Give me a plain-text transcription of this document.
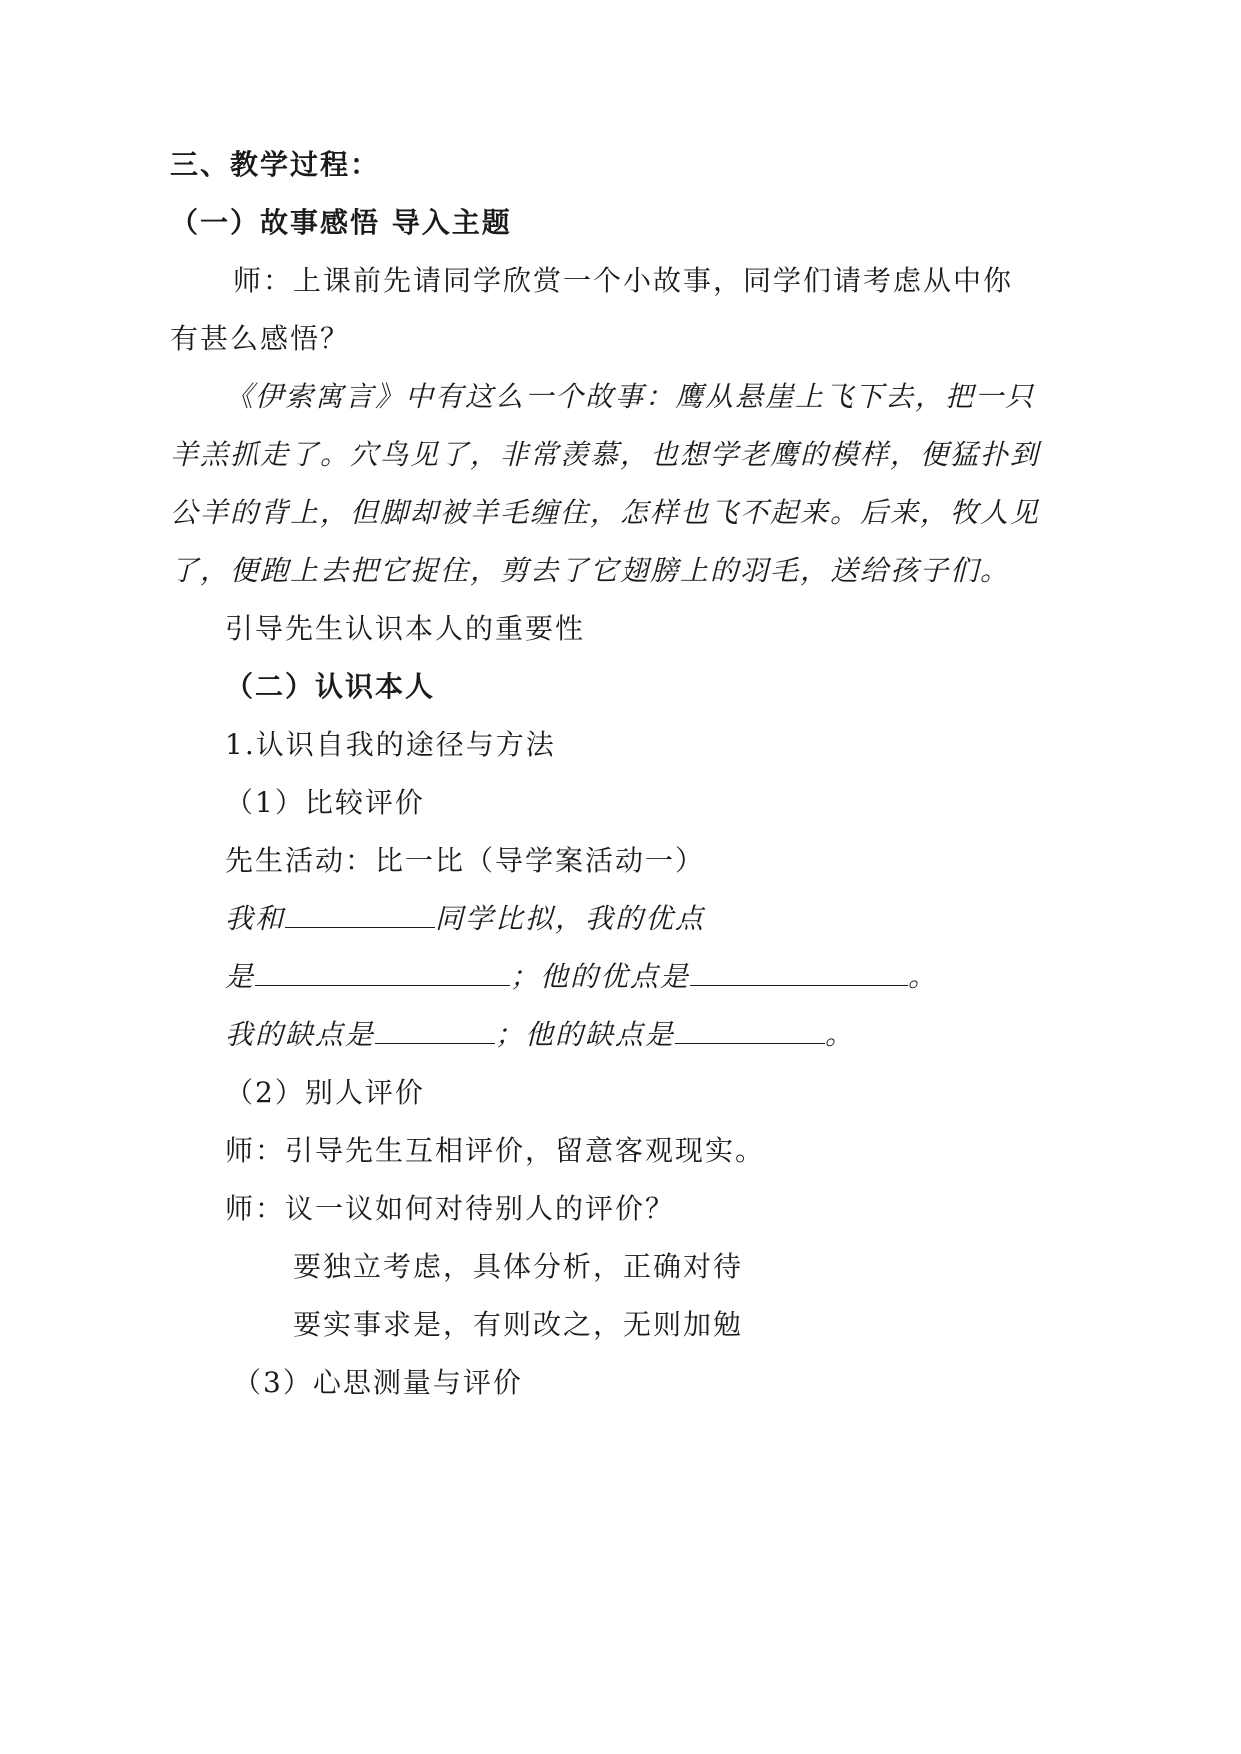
三、教学过程：
（一）故事感悟 导入主题
师：上课前先请同学欣赏一个小故事，同学们请考虑从中你
有甚么感悟？
《伊索寓言》中有这么一个故事：鹰从悬崖上飞下去，把一只
羊羔抓走了。穴鸟见了，非常羡慕，也想学老鹰的模样，便猛扑到
公羊的背上，但脚却被羊毛缠住，怎样也飞不起来。后来，牧人见
了，便跑上去把它捉住，剪去了它翅膀上的羽毛，送给孩子们。
引导先生认识本人的重要性
（二）认识本人
1.认识自我的途径与方法
（1）比较评价
先生活动：比一比（导学案活动一）
我和	同学比拟，我的优点
是	；他的优点是	。
我的缺点是	；他的缺点是	。
（2）别人评价
师：引导先生互相评价，留意客观现实。
师：议一议如何对待别人的评价？
要独立考虑，具体分析，正确对待
要实事求是，有则改之，无则加勉
（3）心思测量与评价
